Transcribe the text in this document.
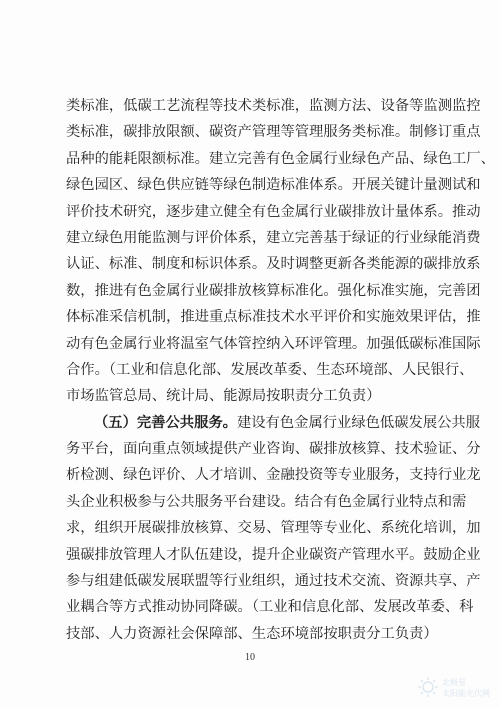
类标准，低碳工艺流程等技术类标准，监测方法、设备等监测监控
类标准，碳排放限额、碳资产管理等管理服务类标准。制修订重点
品种的能耗限额标准。建立完善有色金属行业绿色产品、绿色工厂、
绿色园区、绿色供应链等绿色制造标准体系。开展关键计量测试和
评价技术研究，逐步建立健全有色金属行业碳排放计量体系。推动
建立绿色用能监测与评价体系，建立完善基于绿证的行业绿能消费
认证、标准、制度和标识体系。及时调整更新各类能源的碳排放系
数，推进有色金属行业碳排放核算标准化。强化标准实施，完善团
体标准采信机制，推进重点标准技术水平评价和实施效果评估，推
动有色金属行业将温室气体管控纳入环评管理。加强低碳标准国际
合作。（工业和信息化部、发展改革委、生态环境部、人民银行、
市场监管总局、统计局、能源局按职责分工负责）
（五）完善公共服务。建设有色金属行业绿色低碳发展公共服
务平台，面向重点领域提供产业咨询、碳排放核算、技术验证、分
析检测、绿色评价、人才培训、金融投资等专业服务，支持行业龙
头企业积极参与公共服务平台建设。结合有色金属行业特点和需
求，组织开展碳排放核算、交易、管理等专业化、系统化培训，加
强碳排放管理人才队伍建设，提升企业碳资产管理水平。鼓励企业
参与组建低碳发展联盟等行业组织，通过技术交流、资源共享、产
业耦合等方式推动协同降碳。（工业和信息化部、发展改革委、科
技部、人力资源社会保障部、生态环境部按职责分工负责）
10
北极星
太阳能光伏网
